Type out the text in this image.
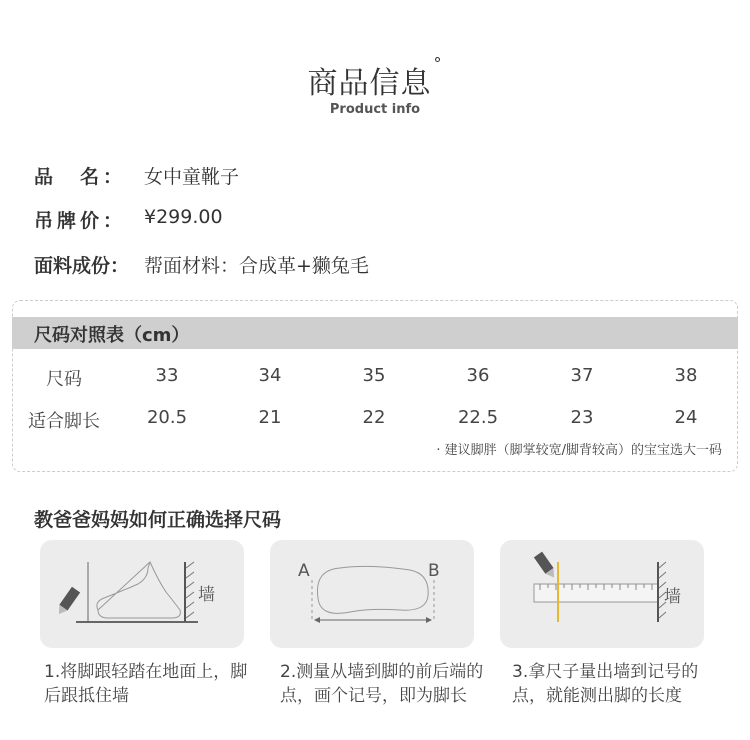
商品信息°
Product info
品　名： 女中童靴子
吊牌价： ¥299.00
面料成份： 帮面材料：合成革+獭兔毛
尺码对照表（cm）
尺码	33	34	35	36	37	38
适合脚长	20.5	21	22	22.5	23	24
· 建议脚胖（脚掌较宽/脚背较高）的宝宝选大一码
教爸爸妈妈如何正确选择尺码
墙
1.将脚跟轻踏在地面上，脚后跟抵住墙
A	B
2.测量从墙到脚的前后端的点，画个记号，即为脚长
墙
3.拿尺子量出墙到记号的点，就能测出脚的长度
